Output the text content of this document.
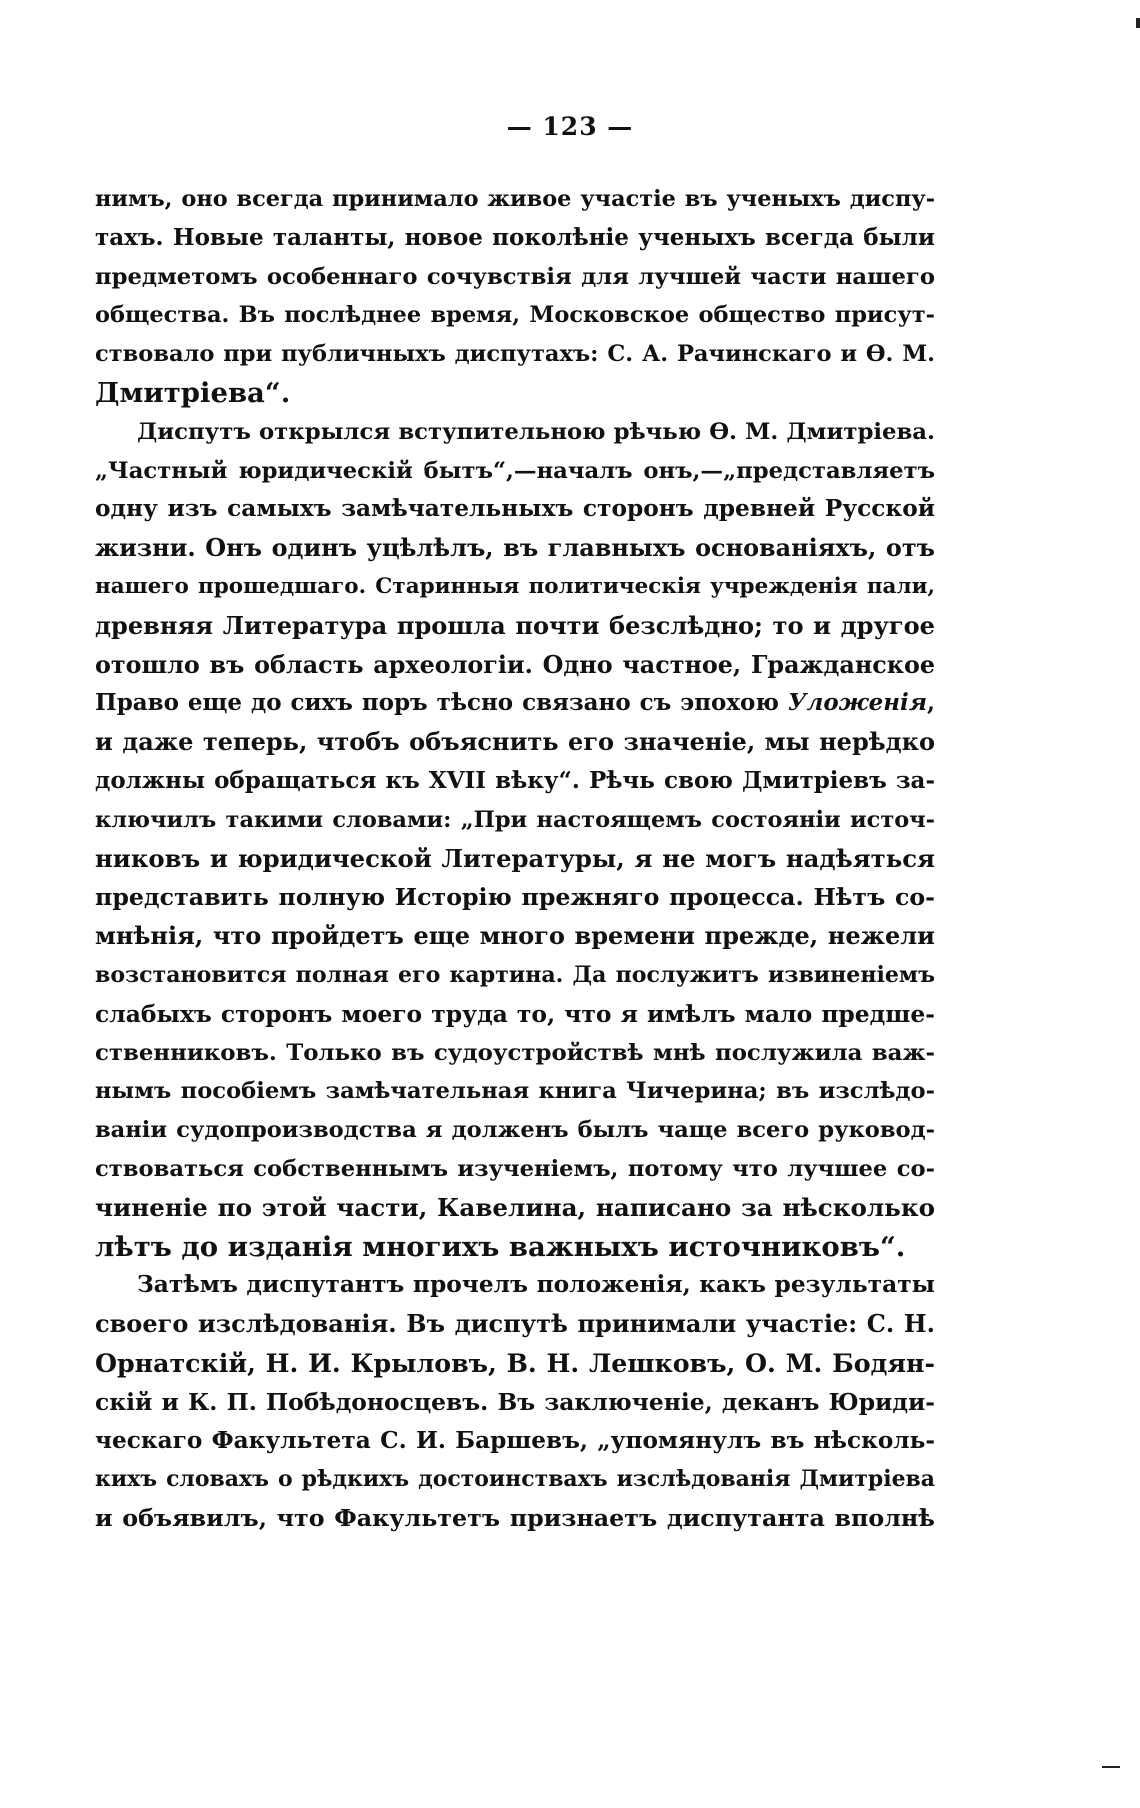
— 123 —
нимъ, оно всегда принимало живое участіе въ ученыхъ диспу-
тахъ. Новые таланты, новое поколѣніе ученыхъ всегда были
предметомъ особеннаго сочувствія для лучшей части нашего
общества. Въ послѣднее время, Московское общество присут-
ствовало при публичныхъ диспутахъ: С. А. Рачинскаго и Ѳ. М.
Дмитріева“.
Диспутъ открылся вступительною рѣчью Ѳ. М. Дмитріева.
„Частный юридическій бытъ“,—началъ онъ,—„представляетъ
одну изъ самыхъ замѣчательныхъ сторонъ древней Русской
жизни. Онъ одинъ уцѣлѣлъ, въ главныхъ основаніяхъ, отъ
нашего прошедшаго. Старинныя политическія учрежденія пали,
древняя Литература прошла почти безслѣдно; то и другое
отошло въ область археологіи. Одно частное, Гражданское
Право еще до сихъ поръ тѣсно связано съ эпохою Уложенія,
и даже теперь, чтобъ объяснить его значеніе, мы нерѣдко
должны обращаться къ XVII вѣку“. Рѣчь свою Дмитріевъ за-
ключилъ такими словами: „При настоящемъ состояніи источ-
никовъ и юридической Литературы, я не могъ надѣяться
представить полную Исторію прежняго процесса. Нѣтъ со-
мнѣнія, что пройдетъ еще много времени прежде, нежели
возстановится полная его картина. Да послужитъ извиненіемъ
слабыхъ сторонъ моего труда то, что я имѣлъ мало предше-
ственниковъ. Только въ судоустройствѣ мнѣ послужила важ-
нымъ пособіемъ замѣчательная книга Чичерина; въ изслѣдо-
ваніи судопроизводства я долженъ былъ чаще всего руковод-
ствоваться собственнымъ изученіемъ, потому что лучшее со-
чиненіе по этой части, Кавелина, написано за нѣсколько
лѣтъ до изданія многихъ важныхъ источниковъ“.
Затѣмъ диспутантъ прочелъ положенія, какъ результаты
своего изслѣдованія. Въ диспутѣ принимали участіе: С. Н.
Орнатскій, Н. И. Крыловъ, В. Н. Лешковъ, О. М. Бодян-
скій и К. П. Побѣдоносцевъ. Въ заключеніе, деканъ Юриди-
ческаго Факультета С. И. Баршевъ, „упомянулъ въ нѣсколь-
кихъ словахъ о рѣдкихъ достоинствахъ изслѣдованія Дмитріева
и объявилъ, что Факультетъ признаетъ диспутанта вполнѣ
